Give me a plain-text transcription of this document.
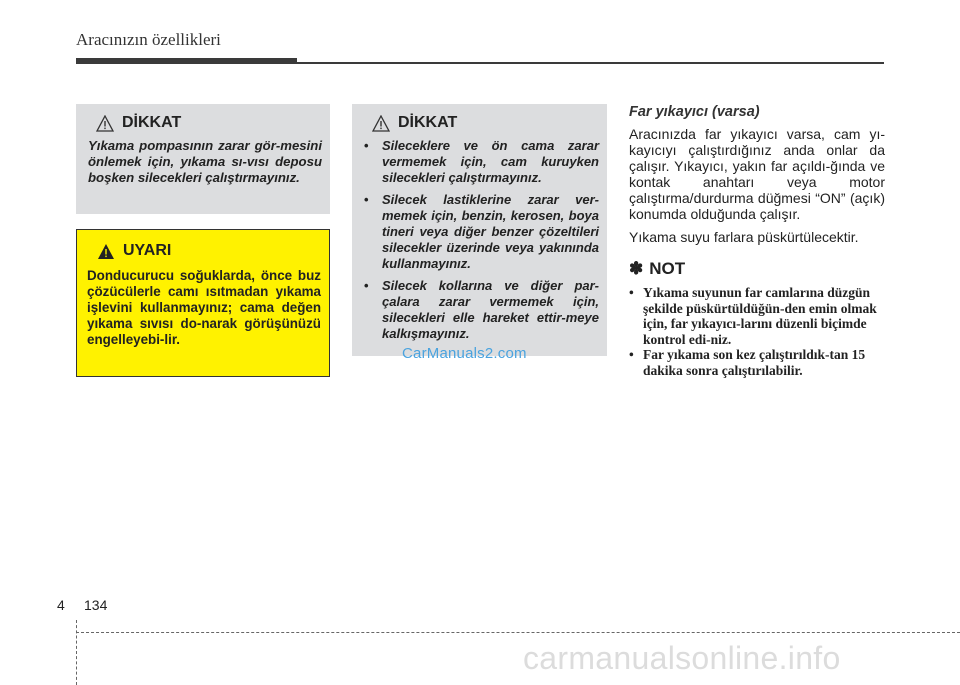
Aracınızın özellikleri
DİKKAT
Yıkama pompasının zarar gör-mesini önlemek için, yıkama sı-vısı deposu boşken silecekleri çalıştırmayınız.
UYARI
Donducurucu soğuklarda, önce buz çözücülerle camı ısıtmadan yıkama işlevini kullanmayınız; cama değen yıkama sıvısı do-narak görüşünüzü engelleyebi-lir.
DİKKAT
• Sileceklere ve ön cama zarar vermemek için, cam kuruyken silecekleri çalıştırmayınız.
• Silecek lastiklerine zarar ver-memek için, benzin, kerosen, boya tineri veya diğer benzer çözeltileri silecekler üzerinde veya yakınında kullanmayınız.
• Silecek kollarına ve diğer par-çalara zarar vermemek için, silecekleri elle hareket ettir-meye kalkışmayınız.
CarManuals2.com
Far yıkayıcı (varsa)

Aracınızda far yıkayıcı varsa, cam yı-kayıcıyı çalıştırdığınız anda onlar da çalışır. Yıkayıcı, yakın far açıldı-ğında ve kontak anahtarı veya motor çalıştırma/durdurma düğmesi “ON” (açık) konumda olduğunda çalışır.

Yıkama suyu farlara püskürtülecektir.

✽ NOT
• Yıkama suyunun far camlarına düzgün şekilde püskürtüldüğün-den emin olmak için, far yıkayıcı-larını düzenli biçimde kontrol edi-niz.
• Far yıkama son kez çalıştırıldık-tan 15 dakika sonra çalıştırılabilir.
4 134
carmanualsonline.info
